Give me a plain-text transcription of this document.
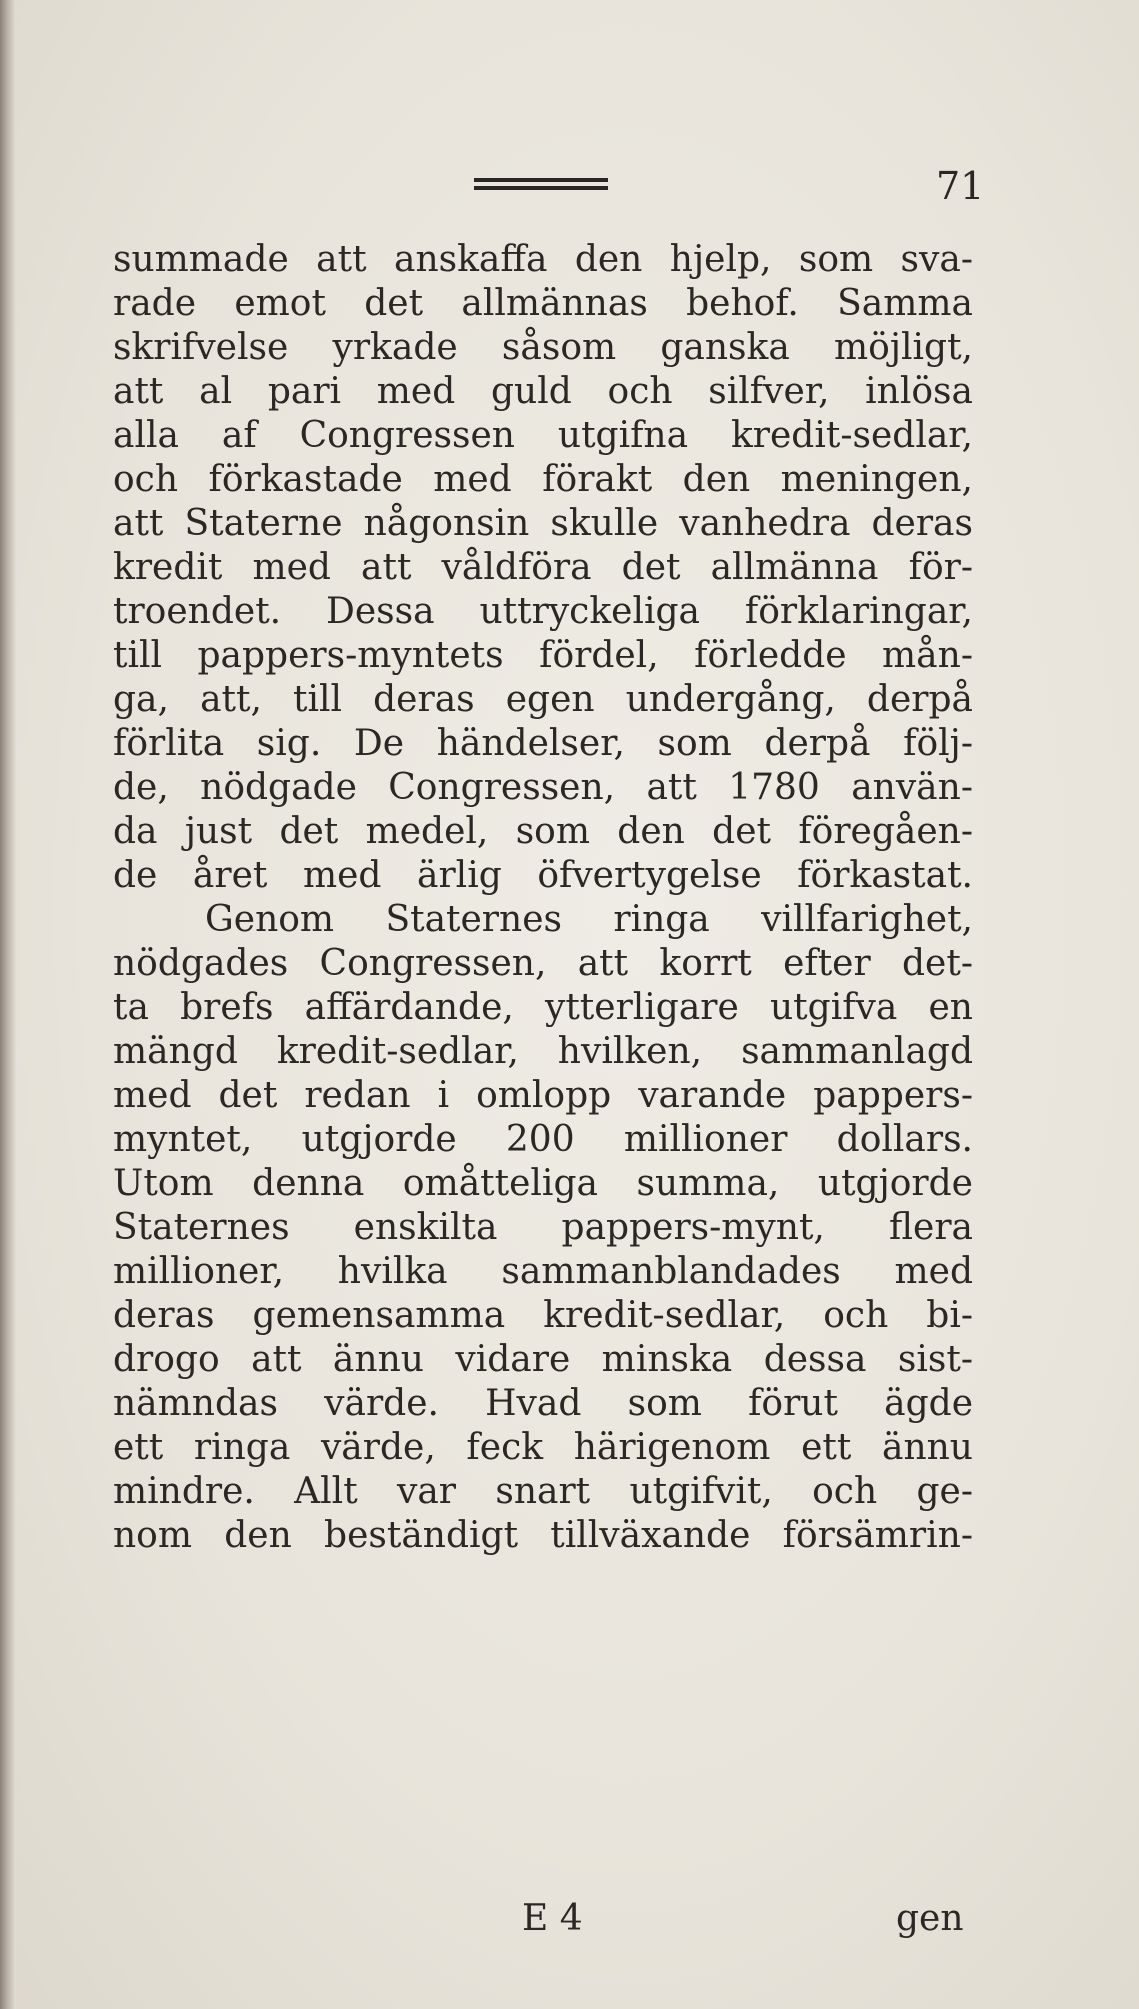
71
summade att anskaffa den hjelp, som sva-
rade emot det allmännas behof. Samma
skrifvelse yrkade såsom ganska möjligt,
att al pari med guld och silfver, inlösa
alla af Congressen utgifna kredit-sedlar,
och förkastade med förakt den meningen,
att Staterne någonsin skulle vanhedra deras
kredit med att våldföra det allmänna för-
troendet. Dessa uttryckeliga förklaringar,
till pappers-myntets fördel, förledde mån-
ga, att, till deras egen undergång, derpå
förlita sig. De händelser, som derpå följ-
de, nödgade Congressen, att 1780 använ-
da just det medel, som den det föregåen-
de året med ärlig öfvertygelse förkastat.
Genom Staternes ringa villfarighet,
nödgades Congressen, att korrt efter det-
ta brefs affärdande, ytterligare utgifva en
mängd kredit-sedlar, hvilken, sammanlagd
med det redan i omlopp varande pappers-
myntet, utgjorde 200 millioner dollars.
Utom denna omåtteliga summa, utgjorde
Staternes enskilta pappers-mynt, flera
millioner, hvilka sammanblandades med
deras gemensamma kredit-sedlar, och bi-
drogo att ännu vidare minska dessa sist-
nämndas värde. Hvad som förut ägde
ett ringa värde, feck härigenom ett ännu
mindre. Allt var snart utgifvit, och ge-
nom den beständigt tillväxande försämrin-
E 4	gen
